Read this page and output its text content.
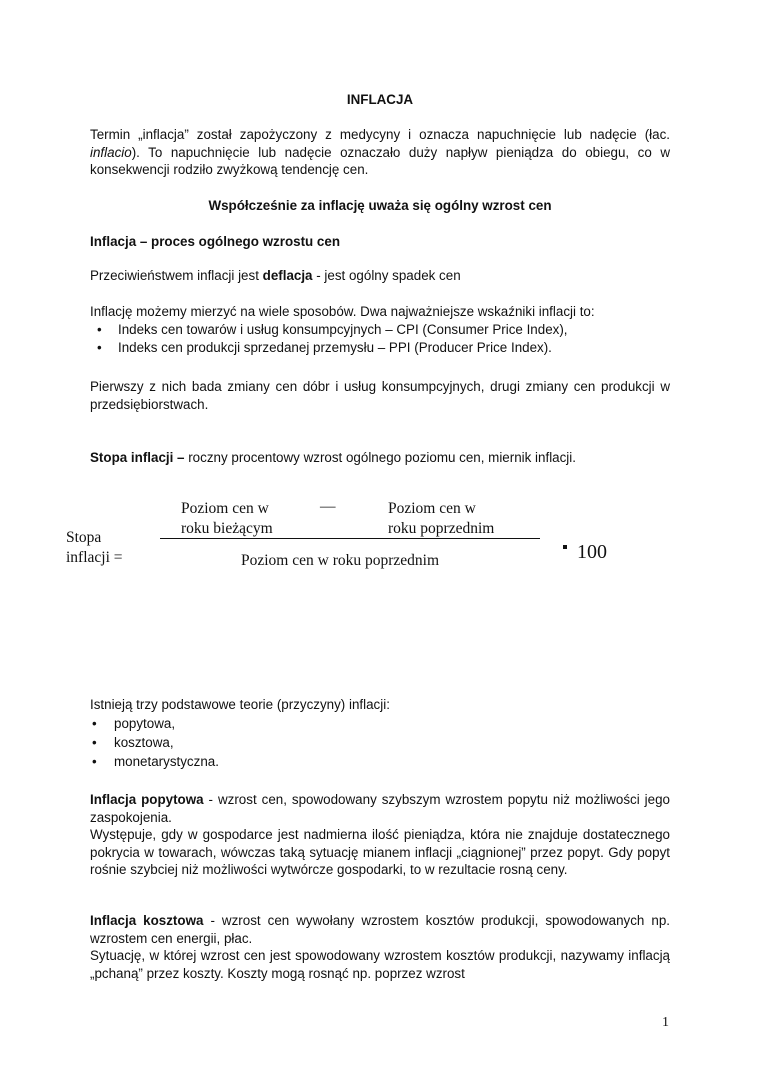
INFLACJA

Termin „inflacja” został zapożyczony z medycyny i oznacza napuchnięcie lub nadęcie (łac. inflacio). To napuchnięcie lub nadęcie oznaczało duży napływ pieniądza do obiegu, co w konsekwencji rodziło zwyżkową tendencję cen.

Współcześnie za inflację uważa się ogólny wzrost cen
Inflacja – proces ogólnego wzrostu cen

Przeciwieństwem inflacji jest deflacja - jest ogólny spadek cen

Inflację możemy mierzyć na wiele sposobów. Dwa najważniejsze wskaźniki inflacji to:

• Indeks cen towarów i usług konsumpcyjnych – CPI (Consumer Price Index),
• Indeks cen produkcji sprzedanej przemysłu – PPI (Producer Price Index).

Pierwszy z nich bada zmiany cen dóbr i usług konsumpcyjnych, drugi zmiany cen produkcji w przedsiębiorstwach.

Stopa inflacji – roczny procentowy wzrost ogólnego poziomu cen, miernik inflacji.

Stopa
inflacji =
Poziom cen w
roku bieżącym
—	Poziom cen w
roku poprzednim
Poziom cen w roku poprzednim	100

Istnieją trzy podstawowe teorie (przyczyny) inflacji:

• popytowa,
• kosztowa,
• monetarystyczna.
Inflacja popytowa - wzrost cen, spowodowany szybszym wzrostem popytu niż możliwości jego zaspokojenia.
Występuje, gdy w gospodarce jest nadmierna ilość pieniądza, która nie znajduje dostatecznego pokrycia w towarach, wówczas taką sytuację mianem inflacji „ciągnionej” przez popyt. Gdy popyt rośnie szybciej niż możliwości wytwórcze gospodarki, to w rezultacie rosną ceny.
Inflacja kosztowa - wzrost cen wywołany wzrostem kosztów produkcji, spowodowanych np. wzrostem cen energii, płac.
Sytuację, w której wzrost cen jest spowodowany wzrostem kosztów produkcji, nazywamy inflacją „pchaną” przez koszty. Koszty mogą rosnąć np. poprzez wzrost
1
